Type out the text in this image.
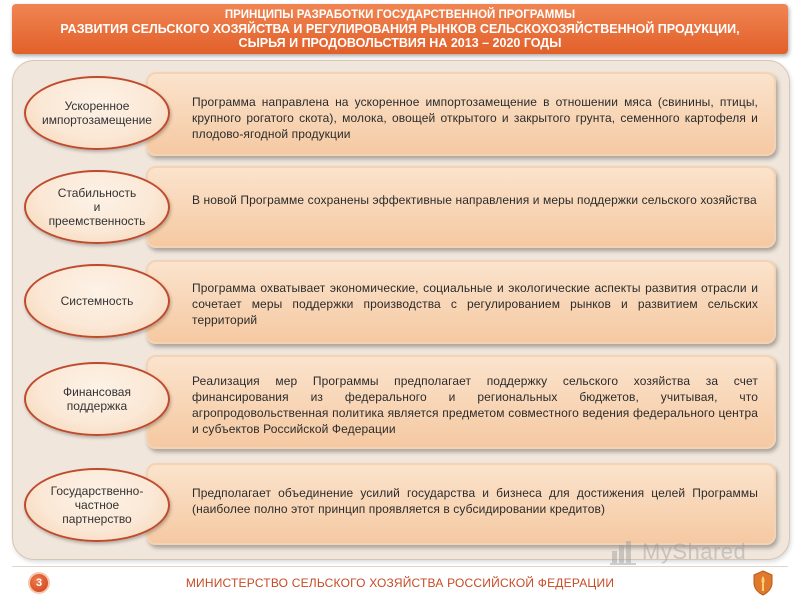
ПРИНЦИПЫ РАЗРАБОТКИ ГОСУДАРСТВЕННОЙ ПРОГРАММЫ
РАЗВИТИЯ СЕЛЬСКОГО ХОЗЯЙСТВА И РЕГУЛИРОВАНИЯ РЫНКОВ СЕЛЬСКОХОЗЯЙСТВЕННОЙ ПРОДУКЦИИ,
СЫРЬЯ И ПРОДОВОЛЬСТВИЯ НА 2013 – 2020 ГОДЫ

Программа направлена на ускоренное импортозамещение в отношении мяса (свинины, птицы, крупного рогатого скота), молока, овощей открытого и закрытого грунта, семенного картофеля и плодово-ягодной продукции

Ускоренное
импортозамещение

В новой Программе сохранены эффективные направления и меры поддержки сельского хозяйства

Стабильность
и
преемственность

Программа охватывает экономические, социальные и экологические аспекты развития отрасли и сочетает меры поддержки производства с регулированием рынков и развитием сельских территорий

Системность

Реализация мер Программы предполагает поддержку сельского хозяйства за счет финансирования из федерального и региональных бюджетов, учитывая, что агропродовольственная политика является предметом совместного ведения федерального центра и субъектов Российской Федерации

Финансовая
поддержка

Предполагает объединение усилий государства и бизнеса для достижения целей Программы (наиболее полно этот принцип проявляется в субсидировании кредитов)

Государственно-
частное
партнерство
MyShared
3	МИНИСТЕРСТВО СЕЛЬСКОГО ХОЗЯЙСТВА РОССИЙСКОЙ ФЕДЕРАЦИИ
